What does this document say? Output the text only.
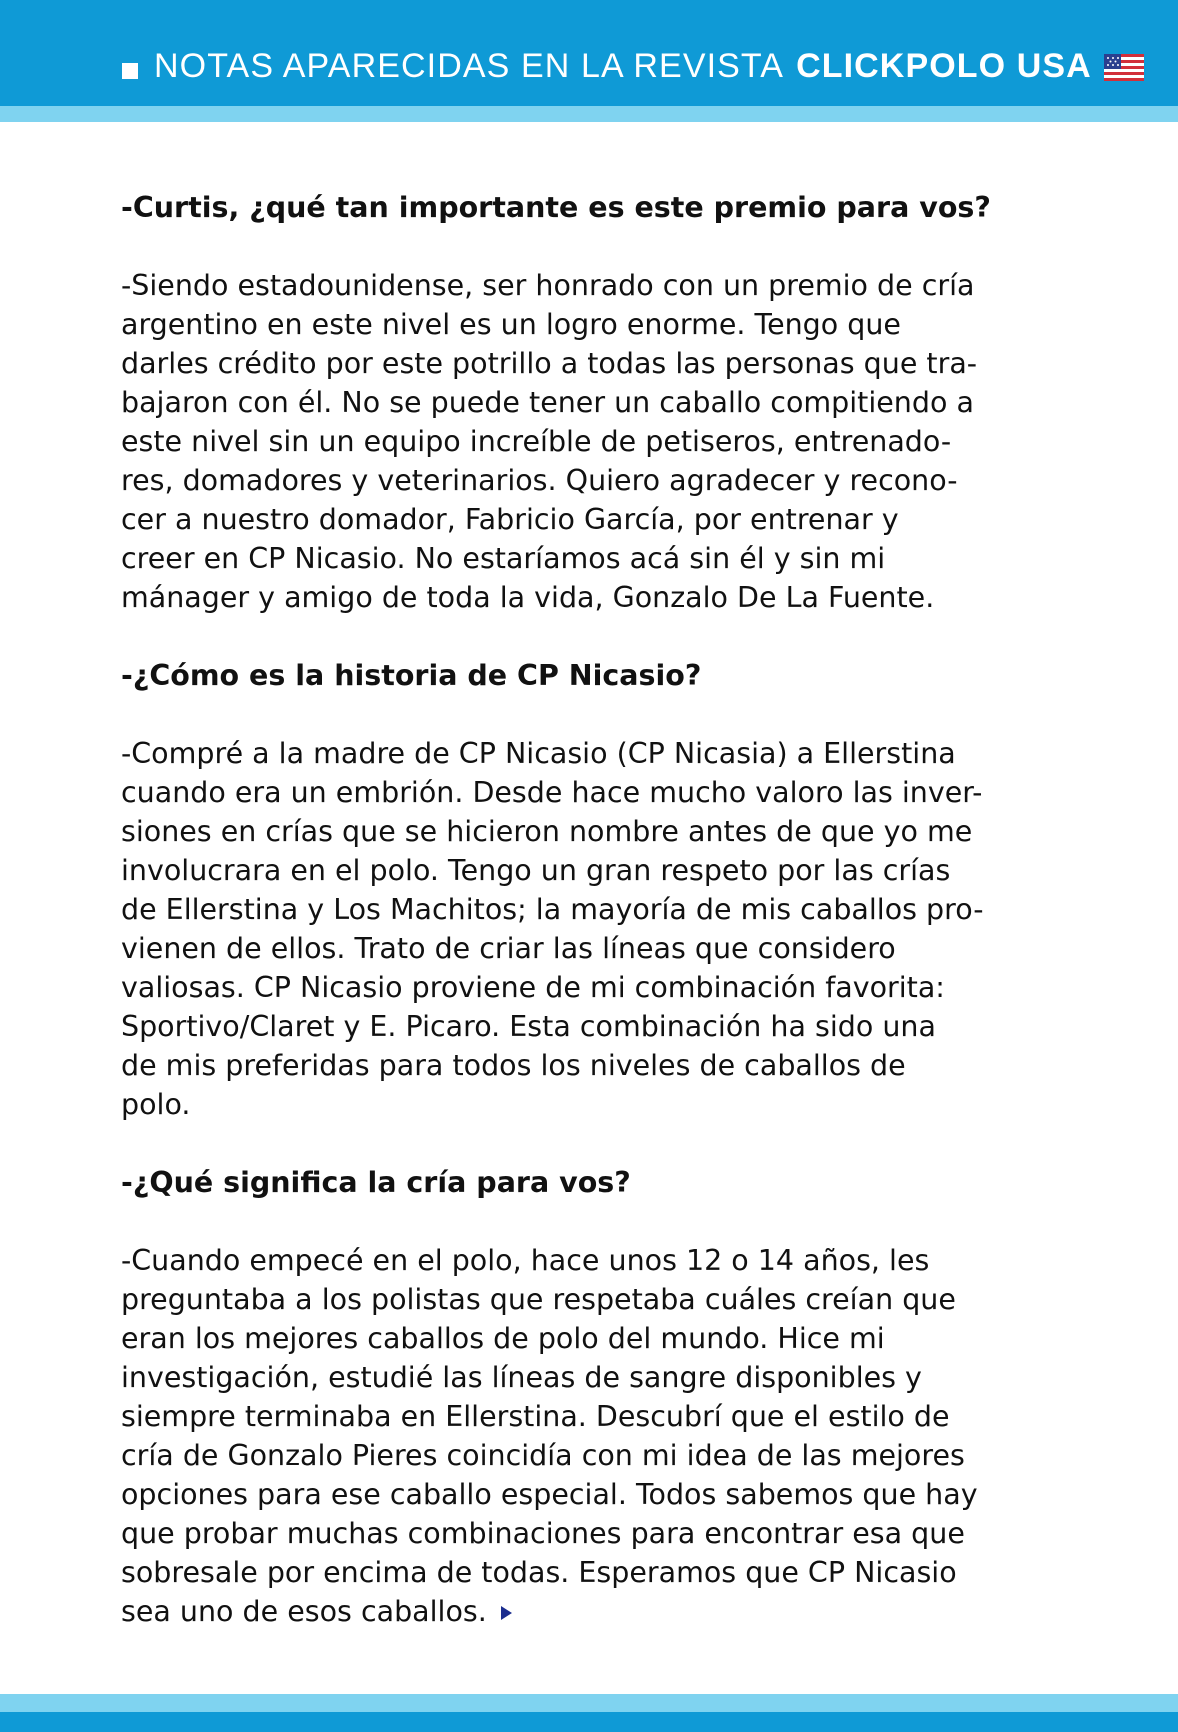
NOTAS APARECIDAS EN LA REVISTA CLICKPOLO USA

-Curtis, ¿qué tan importante es este premio para vos?

-Siendo estadounidense, ser honrado con un premio de cría
argentino en este nivel es un logro enorme. Tengo que
darles crédito por este potrillo a todas las personas que tra-
bajaron con él. No se puede tener un caballo compitiendo a
este nivel sin un equipo increíble de petiseros, entrenado-
res, domadores y veterinarios. Quiero agradecer y recono-
cer a nuestro domador, Fabricio García, por entrenar y
creer en CP Nicasio. No estaríamos acá sin él y sin mi
mánager y amigo de toda la vida, Gonzalo De La Fuente.

-¿Cómo es la historia de CP Nicasio?

-Compré a la madre de CP Nicasio (CP Nicasia) a Ellerstina
cuando era un embrión. Desde hace mucho valoro las inver-
siones en crías que se hicieron nombre antes de que yo me
involucrara en el polo. Tengo un gran respeto por las crías
de Ellerstina y Los Machitos; la mayoría de mis caballos pro-
vienen de ellos. Trato de criar las líneas que considero
valiosas. CP Nicasio proviene de mi combinación favorita:
Sportivo/Claret y E. Picaro. Esta combinación ha sido una
de mis preferidas para todos los niveles de caballos de
polo.

-¿Qué significa la cría para vos?

-Cuando empecé en el polo, hace unos 12 o 14 años, les
preguntaba a los polistas que respetaba cuáles creían que
eran los mejores caballos de polo del mundo. Hice mi
investigación, estudié las líneas de sangre disponibles y
siempre terminaba en Ellerstina. Descubrí que el estilo de
cría de Gonzalo Pieres coincidía con mi idea de las mejores
opciones para ese caballo especial. Todos sabemos que hay
que probar muchas combinaciones para encontrar esa que
sobresale por encima de todas. Esperamos que CP Nicasio
sea uno de esos caballos.
